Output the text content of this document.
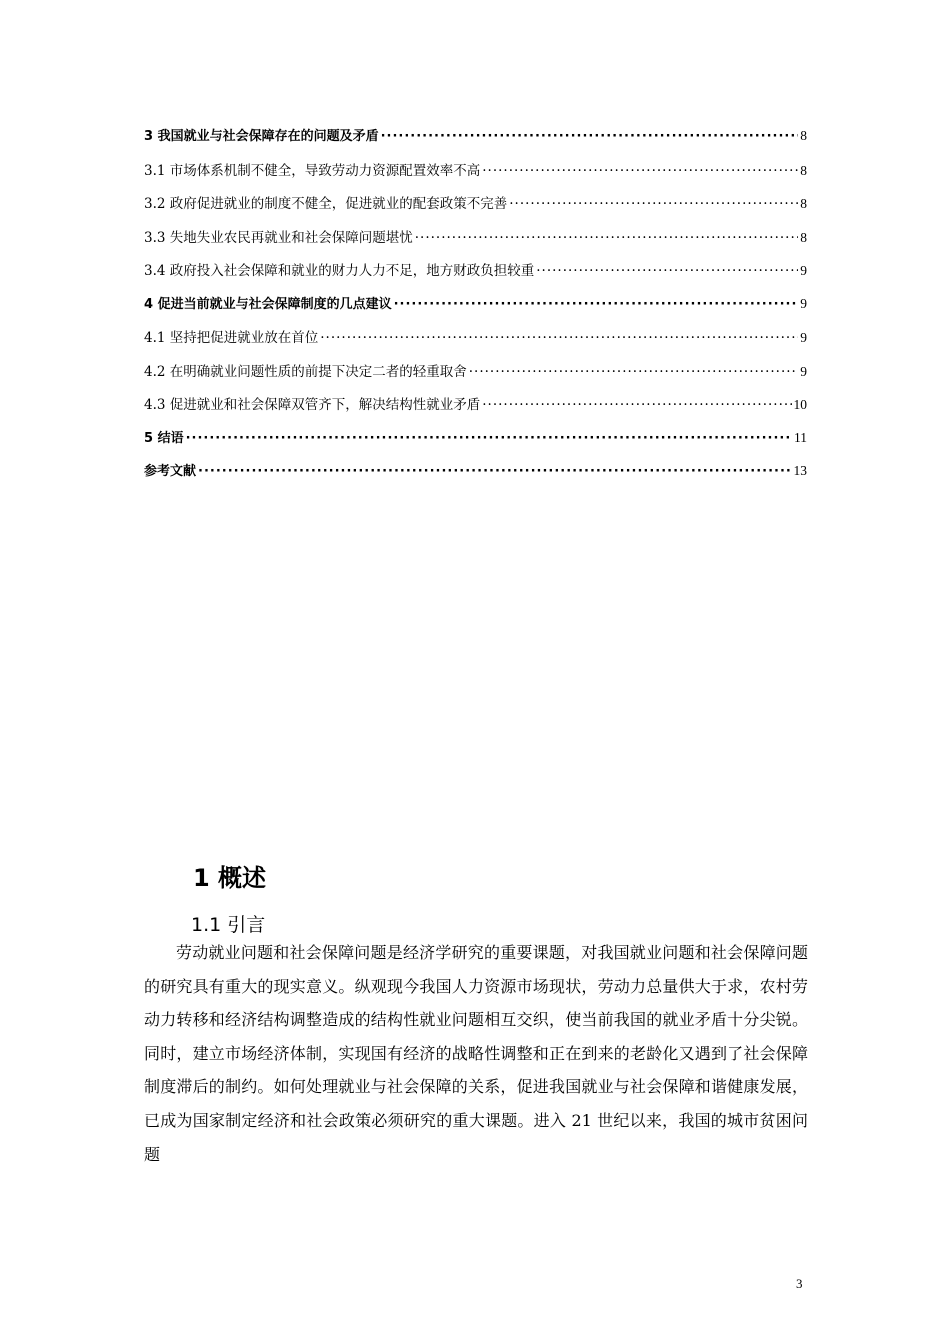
3 我国就业与社会保障存在的问题及矛盾 ·····	8
3.1 市场体系机制不健全，导致劳动力资源配置效率不高 ·····	8
3.2 政府促进就业的制度不健全，促进就业的配套政策不完善 ·····	8
3.3 失地失业农民再就业和社会保障问题堪忧 ·····	8
3.4 政府投入社会保障和就业的财力人力不足，地方财政负担较重 ·····	9
4 促进当前就业与社会保障制度的几点建议 ·····	9
4.1 坚持把促进就业放在首位 ·····	9
4.2 在明确就业问题性质的前提下决定二者的轻重取舍 ·····	9
4.3 促进就业和社会保障双管齐下，解决结构性就业矛盾 ·····	10
5 结语 ·····	11
参考文献 ·····	13
1 概述
1.1 引言

劳动就业问题和社会保障问题是经济学研究的重要课题，对我国就业问题和社会保障问题的研究具有重大的现实意义。纵观现今我国人力资源市场现状，劳动力总量供大于求，农村劳动力转移和经济结构调整造成的结构性就业问题相互交织，使当前我国的就业矛盾十分尖锐。同时，建立市场经济体制，实现国有经济的战略性调整和正在到来的老龄化又遇到了社会保障制度滞后的制约。如何处理就业与社会保障的关系，促进我国就业与社会保障和谐健康发展，已成为国家制定经济和社会政策必须研究的重大课题。进入 21 世纪以来，我国的城市贫困问题

3
